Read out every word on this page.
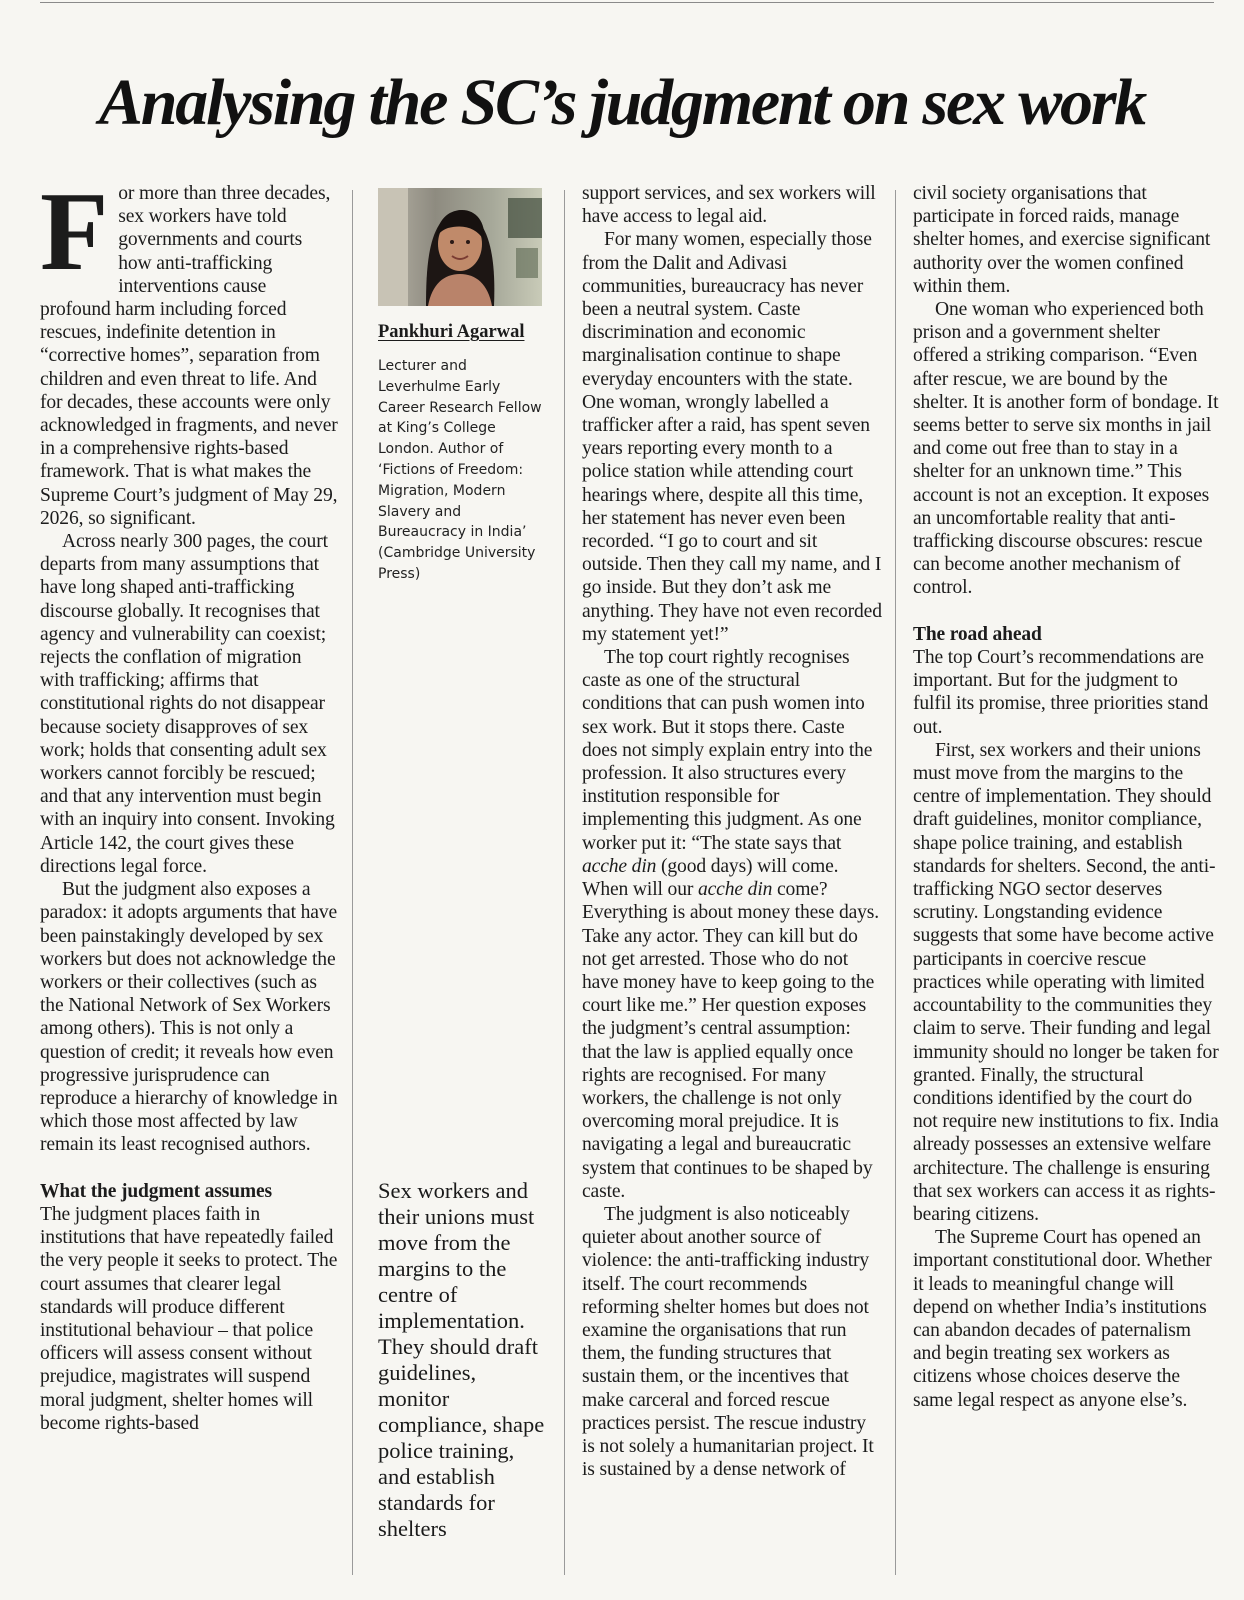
Analysing the SC’s judgment on sex work

For more than three decades, sex workers have told governments and courts how anti-trafficking interventions cause profound harm including forced rescues, indefinite detention in “corrective homes”, separation from children and even threat to life. And for decades, these accounts were only acknowledged in fragments, and never in a comprehensive rights-based framework. That is what makes the Supreme Court’s judgment of May 29, 2026, so significant.

Across nearly 300 pages, the court departs from many assumptions that have long shaped anti-trafficking discourse globally. It recognises that agency and vulnerability can coexist; rejects the conflation of migration with trafficking; affirms that constitutional rights do not disappear because society disapproves of sex work; holds that consenting adult sex workers cannot forcibly be rescued; and that any intervention must begin with an inquiry into consent. Invoking Article 142, the court gives these directions legal force.

But the judgment also exposes a paradox: it adopts arguments that have been painstakingly developed by sex workers but does not acknowledge the workers or their collectives (such as the National Network of Sex Workers among others). This is not only a question of credit; it reveals how even progressive jurisprudence can reproduce a hierarchy of knowledge in which those most affected by law remain its least recognised authors.

What the judgment assumes

The judgment places faith in institutions that have repeatedly failed the very people it seeks to protect. The court assumes that clearer legal standards will produce different institutional behaviour – that police officers will assess consent without prejudice, magistrates will suspend moral judgment, shelter homes will become rights-based

Pankhuri Agarwal
Lecturer and Leverhulme Early Career Research Fellow at King’s College London. Author of ‘Fictions of Freedom: Migration, Modern Slavery and Bureaucracy in India’ (Cambridge University Press)
Sex workers and their unions must move from the margins to the centre of implementation. They should draft guidelines, monitor compliance, shape police training, and establish standards for shelters

support services, and sex workers will have access to legal aid.

For many women, especially those from the Dalit and Adivasi communities, bureaucracy has never been a neutral system. Caste discrimination and economic marginalisation continue to shape everyday encounters with the state. One woman, wrongly labelled a trafficker after a raid, has spent seven years reporting every month to a police station while attending court hearings where, despite all this time, her statement has never even been recorded. “I go to court and sit outside. Then they call my name, and I go inside. But they don’t ask me anything. They have not even recorded my statement yet!”

The top court rightly recognises caste as one of the structural conditions that can push women into sex work. But it stops there. Caste does not simply explain entry into the profession. It also structures every institution responsible for implementing this judgment. As one worker put it: “The state says that acche din (good days) will come. When will our acche din come? Everything is about money these days. Take any actor. They can kill but do not get arrested. Those who do not have money have to keep going to the court like me.” Her question exposes the judgment’s central assumption: that the law is applied equally once rights are recognised. For many workers, the challenge is not only overcoming moral prejudice. It is navigating a legal and bureaucratic system that continues to be shaped by caste.

The judgment is also noticeably quieter about another source of violence: the anti-trafficking industry itself. The court recommends reforming shelter homes but does not examine the organisations that run them, the funding structures that sustain them, or the incentives that make carceral and forced rescue practices persist. The rescue industry is not solely a humanitarian project. It is sustained by a dense network of

civil society organisations that participate in forced raids, manage shelter homes, and exercise significant authority over the women confined within them.

One woman who experienced both prison and a government shelter offered a striking comparison. “Even after rescue, we are bound by the shelter. It is another form of bondage. It seems better to serve six months in jail and come out free than to stay in a shelter for an unknown time.” This account is not an exception. It exposes an uncomfortable reality that anti-trafficking discourse obscures: rescue can become another mechanism of control.

The road ahead

The top Court’s recommendations are important. But for the judgment to fulfil its promise, three priorities stand out.

First, sex workers and their unions must move from the margins to the centre of implementation. They should draft guidelines, monitor compliance, shape police training, and establish standards for shelters. Second, the anti-trafficking NGO sector deserves scrutiny. Longstanding evidence suggests that some have become active participants in coercive rescue practices while operating with limited accountability to the communities they claim to serve. Their funding and legal immunity should no longer be taken for granted. Finally, the structural conditions identified by the court do not require new institutions to fix. India already possesses an extensive welfare architecture. The challenge is ensuring that sex workers can access it as rights-bearing citizens.

The Supreme Court has opened an important constitutional door. Whether it leads to meaningful change will depend on whether India’s institutions can abandon decades of paternalism and begin treating sex workers as citizens whose choices deserve the same legal respect as anyone else’s.
